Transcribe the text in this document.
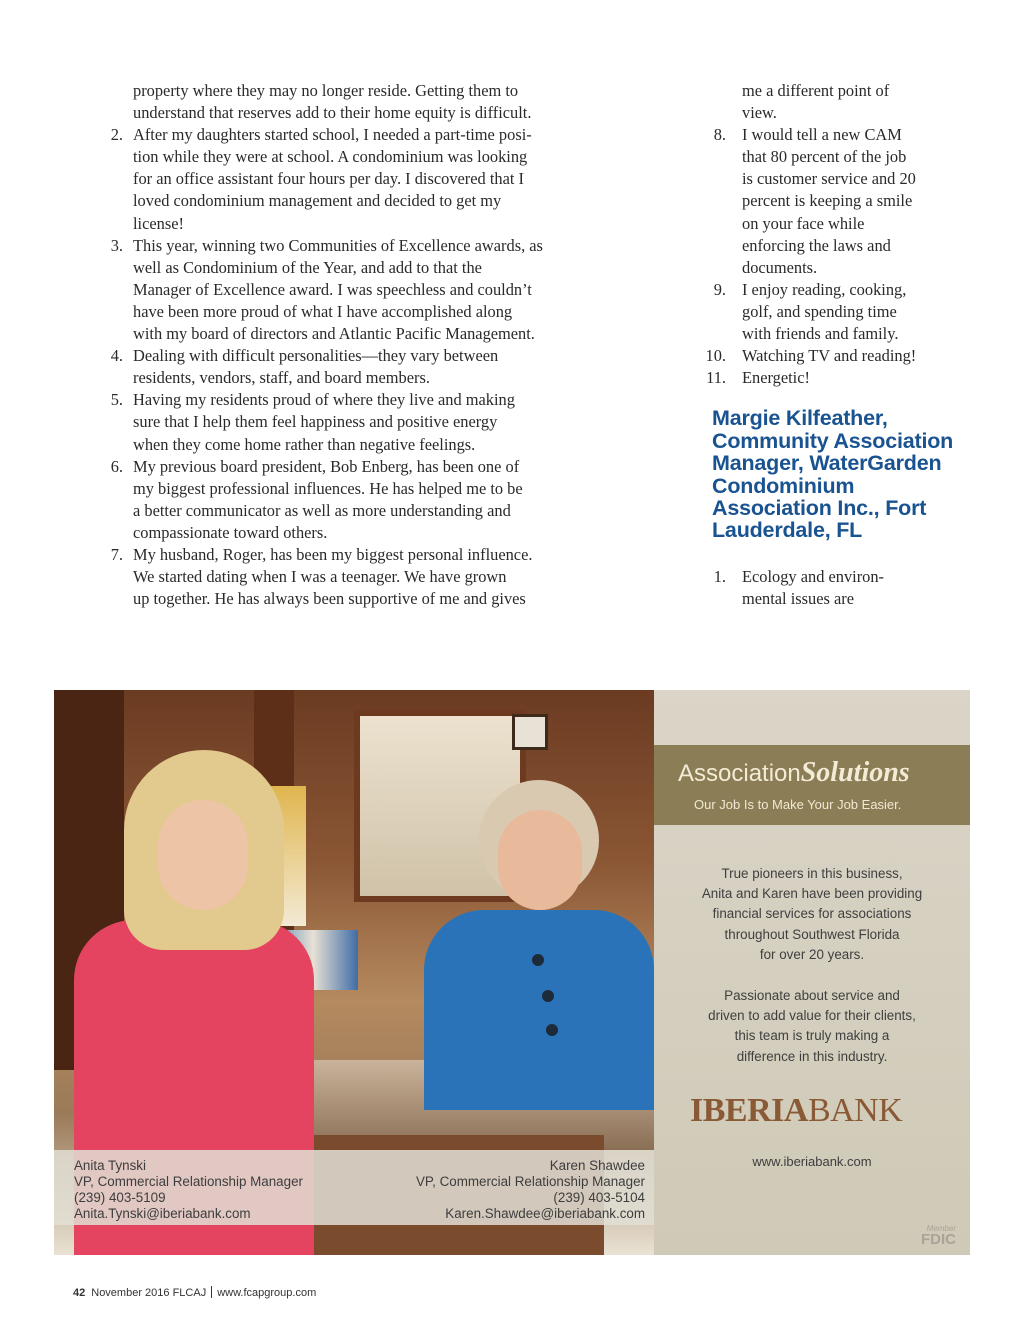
property where they may no longer reside. Getting them to
understand that reserves add to their home equity is difficult.
2. After my daughters started school, I needed a part-time posi-
tion while they were at school. A condominium was looking
for an office assistant four hours per day. I discovered that I
loved condominium management and decided to get my
license!
3. This year, winning two Communities of Excellence awards, as
well as Condominium of the Year, and add to that the
Manager of Excellence award. I was speechless and couldn’t
have been more proud of what I have accomplished along
with my board of directors and Atlantic Pacific Management.
4. Dealing with difficult personalities—they vary between
residents, vendors, staff, and board members.
5. Having my residents proud of where they live and making
sure that I help them feel happiness and positive energy
when they come home rather than negative feelings.
6. My previous board president, Bob Enberg, has been one of
my biggest professional influences. He has helped me to be
a better communicator as well as more understanding and
compassionate toward others.
7. My husband, Roger, has been my biggest personal influence.
We started dating when I was a teenager. We have grown
up together. He has always been supportive of me and gives
me a different point of
view.
8. I would tell a new CAM
that 80 percent of the job
is customer service and 20
percent is keeping a smile
on your face while
enforcing the laws and
documents.
9. I enjoy reading, cooking,
golf, and spending time
with friends and family.
10. Watching TV and reading!
11. Energetic!
Margie Kilfeather,
Community Association
Manager, WaterGarden
Condominium
Association Inc., Fort
Lauderdale, FL
1. Ecology and environ-
mental issues are
Anita Tynski
VP, Commercial Relationship Manager
(239) 403-5109
Anita.Tynski@iberiabank.com
Karen Shawdee
VP, Commercial Relationship Manager
(239) 403-5104
Karen.Shawdee@iberiabank.com
AssociationSolutions
Our Job Is to Make Your Job Easier.
True pioneers in this business,
Anita and Karen have been providing
financial services for associations
throughout Southwest Florida
for over 20 years.
Passionate about service and
driven to add value for their clients,
this team is truly making a
difference in this industry.
IBERIABANK
www.iberiabank.com
Member
FDIC
42 November 2016 FLCAJ www.fcapgroup.com
